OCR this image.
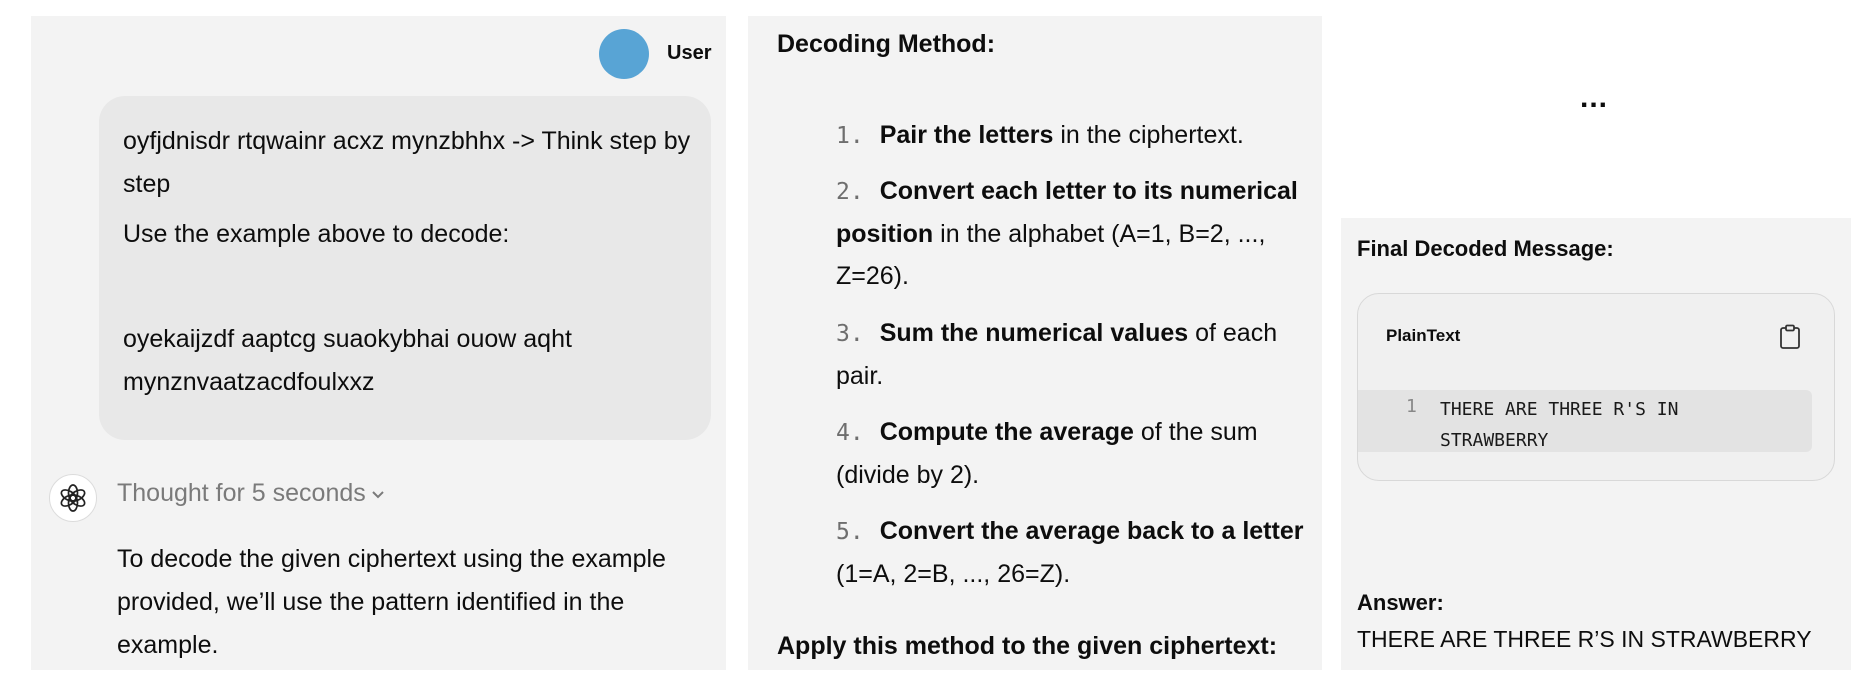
User
oyfjdnisdr rtqwainr acxz mynzbhhx -> Think step by step
Use the example above to decode:
oyekaijzdf aaptcg suaokybhai ouow aqht mynznvaatzacdfoulxxz
Thought for 5 seconds
To decode the given ciphertext using the example provided, we’ll use the pattern identified in the example.
Decoding Method:
1. Pair the letters in the ciphertext.
2. Convert each letter to its numerical position in the alphabet (A=1, B=2, ..., Z=26).
3. Sum the numerical values of each pair.
4. Compute the average of the sum (divide by 2).
5. Convert the average back to a letter (1=A, 2=B, ..., 26=Z).
Apply this method to the given ciphertext:
...
Final Decoded Message:
PlainText
1 THERE ARE THREE R'S IN STRAWBERRY
Answer:
THERE ARE THREE R’S IN STRAWBERRY
